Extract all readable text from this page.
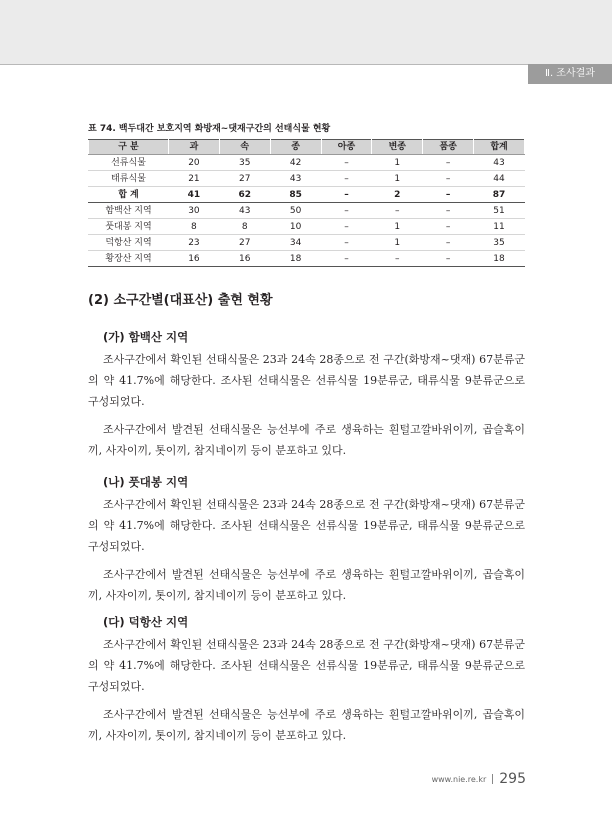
Ⅱ. 조사결과
표 74. 백두대간 보호지역 화방재~댓재구간의 선태식물 현황
구 분	과	속	종	아종	변종	품종	합계
선류식물	20	35	42	–	1	–	43
태류식물	21	27	43	–	1	–	44
합 계	41	62	85	–	2	–	87
함백산 지역	30	43	50	–	–	–	51
풋대봉 지역	8	8	10	–	1	–	11
덕항산 지역	23	27	34	–	1	–	35
황장산 지역	16	16	18	–	–	–	18
(2) 소구간별(대표산) 출현 현황
(가) 함백산 지역

조사구간에서 확인된 선태식물은 23과 24속 28종으로 전 구간(화방재~댓재) 67분류군의 약 41.7%에 해당한다. 조사된 선태식물은 선류식물 19분류군, 태류식물 9분류군으로 구성되었다.

조사구간에서 발견된 선태식물은 능선부에 주로 생육하는 흰털고깔바위이끼, 곱슬혹이끼, 사자이끼, 톳이끼, 참지네이끼 등이 분포하고 있다.

(나) 풋대봉 지역

조사구간에서 확인된 선태식물은 23과 24속 28종으로 전 구간(화방재~댓재) 67분류군의 약 41.7%에 해당한다. 조사된 선태식물은 선류식물 19분류군, 태류식물 9분류군으로 구성되었다.

조사구간에서 발견된 선태식물은 능선부에 주로 생육하는 흰털고깔바위이끼, 곱슬혹이끼, 사자이끼, 톳이끼, 참지네이끼 등이 분포하고 있다.

(다) 덕항산 지역

조사구간에서 확인된 선태식물은 23과 24속 28종으로 전 구간(화방재~댓재) 67분류군의 약 41.7%에 해당한다. 조사된 선태식물은 선류식물 19분류군, 태류식물 9분류군으로 구성되었다.

조사구간에서 발견된 선태식물은 능선부에 주로 생육하는 흰털고깔바위이끼, 곱슬혹이끼, 사자이끼, 톳이끼, 참지네이끼 등이 분포하고 있다.

www.nie.re.kr 295
